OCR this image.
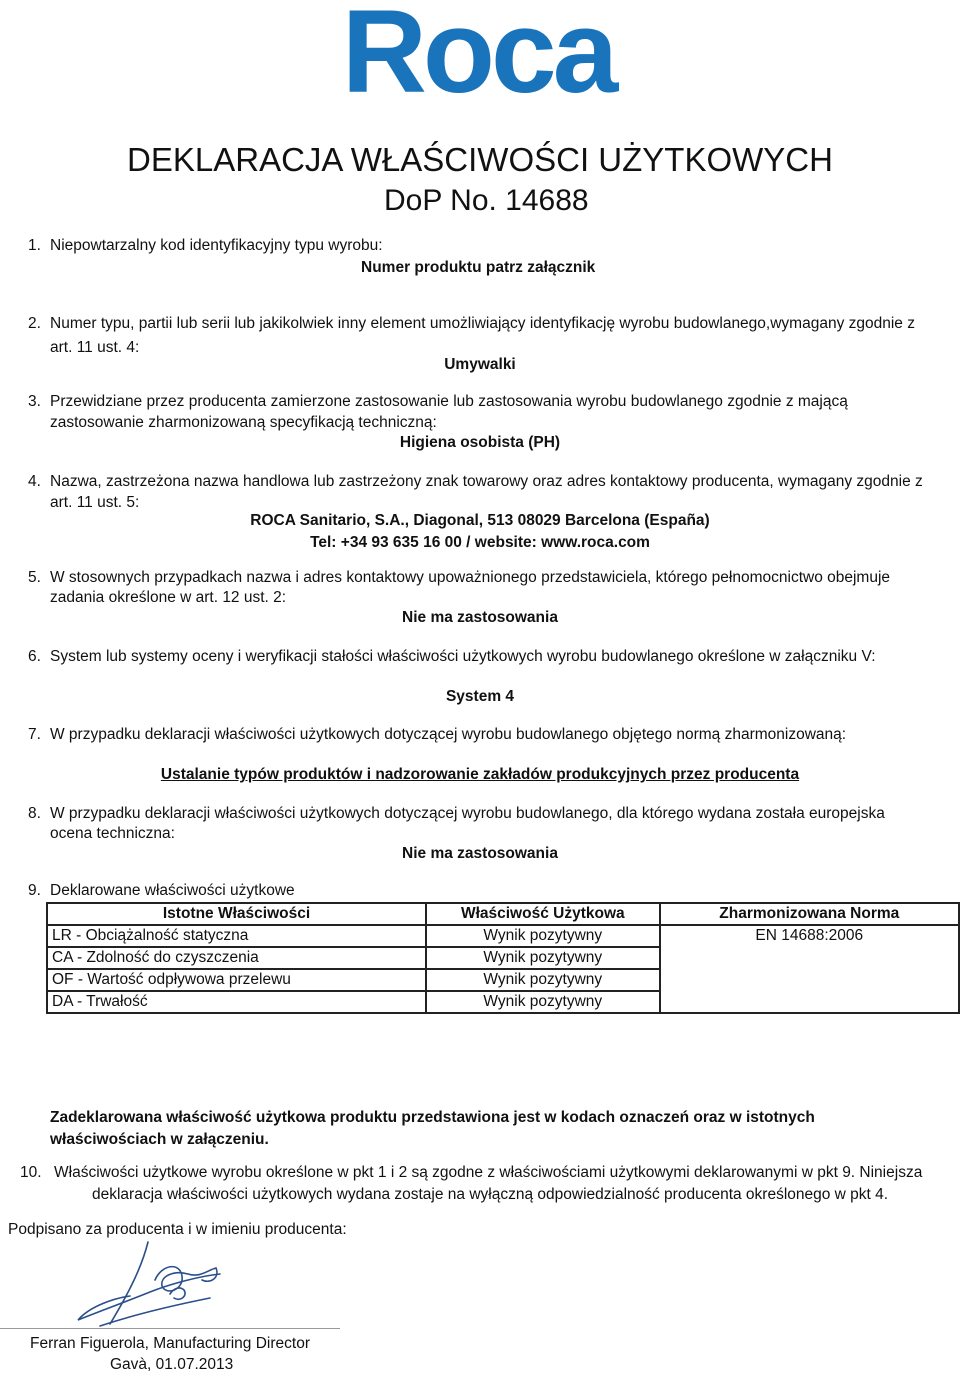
Roca
DEKLARACJA WŁAŚCIWOŚCI UŻYTKOWYCH
DoP No. 14688
1. Niepowtarzalny kod identyfikacyjny typu wyrobu:
Numer produktu patrz załącznik
2. Numer typu, partii lub serii lub jakikolwiek inny element umożliwiający identyfikację wyrobu budowlanego,wymagany zgodnie z
art. 11 ust. 4:
Umywalki
3. Przewidziane przez producenta zamierzone zastosowanie lub zastosowania wyrobu budowlanego zgodnie z mającą
zastosowanie zharmonizowaną specyfikacją techniczną:
Higiena osobista (PH)
4. Nazwa, zastrzeżona nazwa handlowa lub zastrzeżony znak towarowy oraz adres kontaktowy producenta, wymagany zgodnie z
art. 11 ust. 5:
ROCA Sanitario, S.A., Diagonal, 513 08029 Barcelona (España)
Tel: +34 93 635 16 00 / website: www.roca.com
5. W stosownych przypadkach nazwa i adres kontaktowy upoważnionego przedstawiciela, którego pełnomocnictwo obejmuje
zadania określone w art. 12 ust. 2:
Nie ma zastosowania
6. System lub systemy oceny i weryfikacji stałości właściwości użytkowych wyrobu budowlanego określone w załączniku V:
System 4
7. W przypadku deklaracji właściwości użytkowych dotyczącej wyrobu budowlanego objętego normą zharmonizowaną:
Ustalanie typów produktów i nadzorowanie zakładów produkcyjnych przez producenta
8. W przypadku deklaracji właściwości użytkowych dotyczącej wyrobu budowlanego, dla którego wydana została europejska
ocena techniczna:
Nie ma zastosowania
9. Deklarowane właściwości użytkowe
Istotne Właściwości	Właściwość Użytkowa	Zharmonizowana Norma
LR - Obciążalność statyczna	Wynik pozytywny	EN 14688:2006
CA - Zdolność do czyszczenia	Wynik pozytywny	
OF - Wartość odpływowa przelewu	Wynik pozytywny	
DA - Trwałość	Wynik pozytywny	
Zadeklarowana właściwość użytkowa produktu przedstawiona jest w kodach oznaczeń oraz w istotnych
właściwościach w załączeniu.
10. Właściwości użytkowe wyrobu określone w pkt 1 i 2 są zgodne z właściwościami użytkowymi deklarowanymi w pkt 9. Niniejsza
deklaracja właściwości użytkowych wydana zostaje na wyłączną odpowiedzialność producenta określonego w pkt 4.
Podpisano za producenta i w imieniu producenta:
Ferran Figuerola, Manufacturing Director
Gavà, 01.07.2013
